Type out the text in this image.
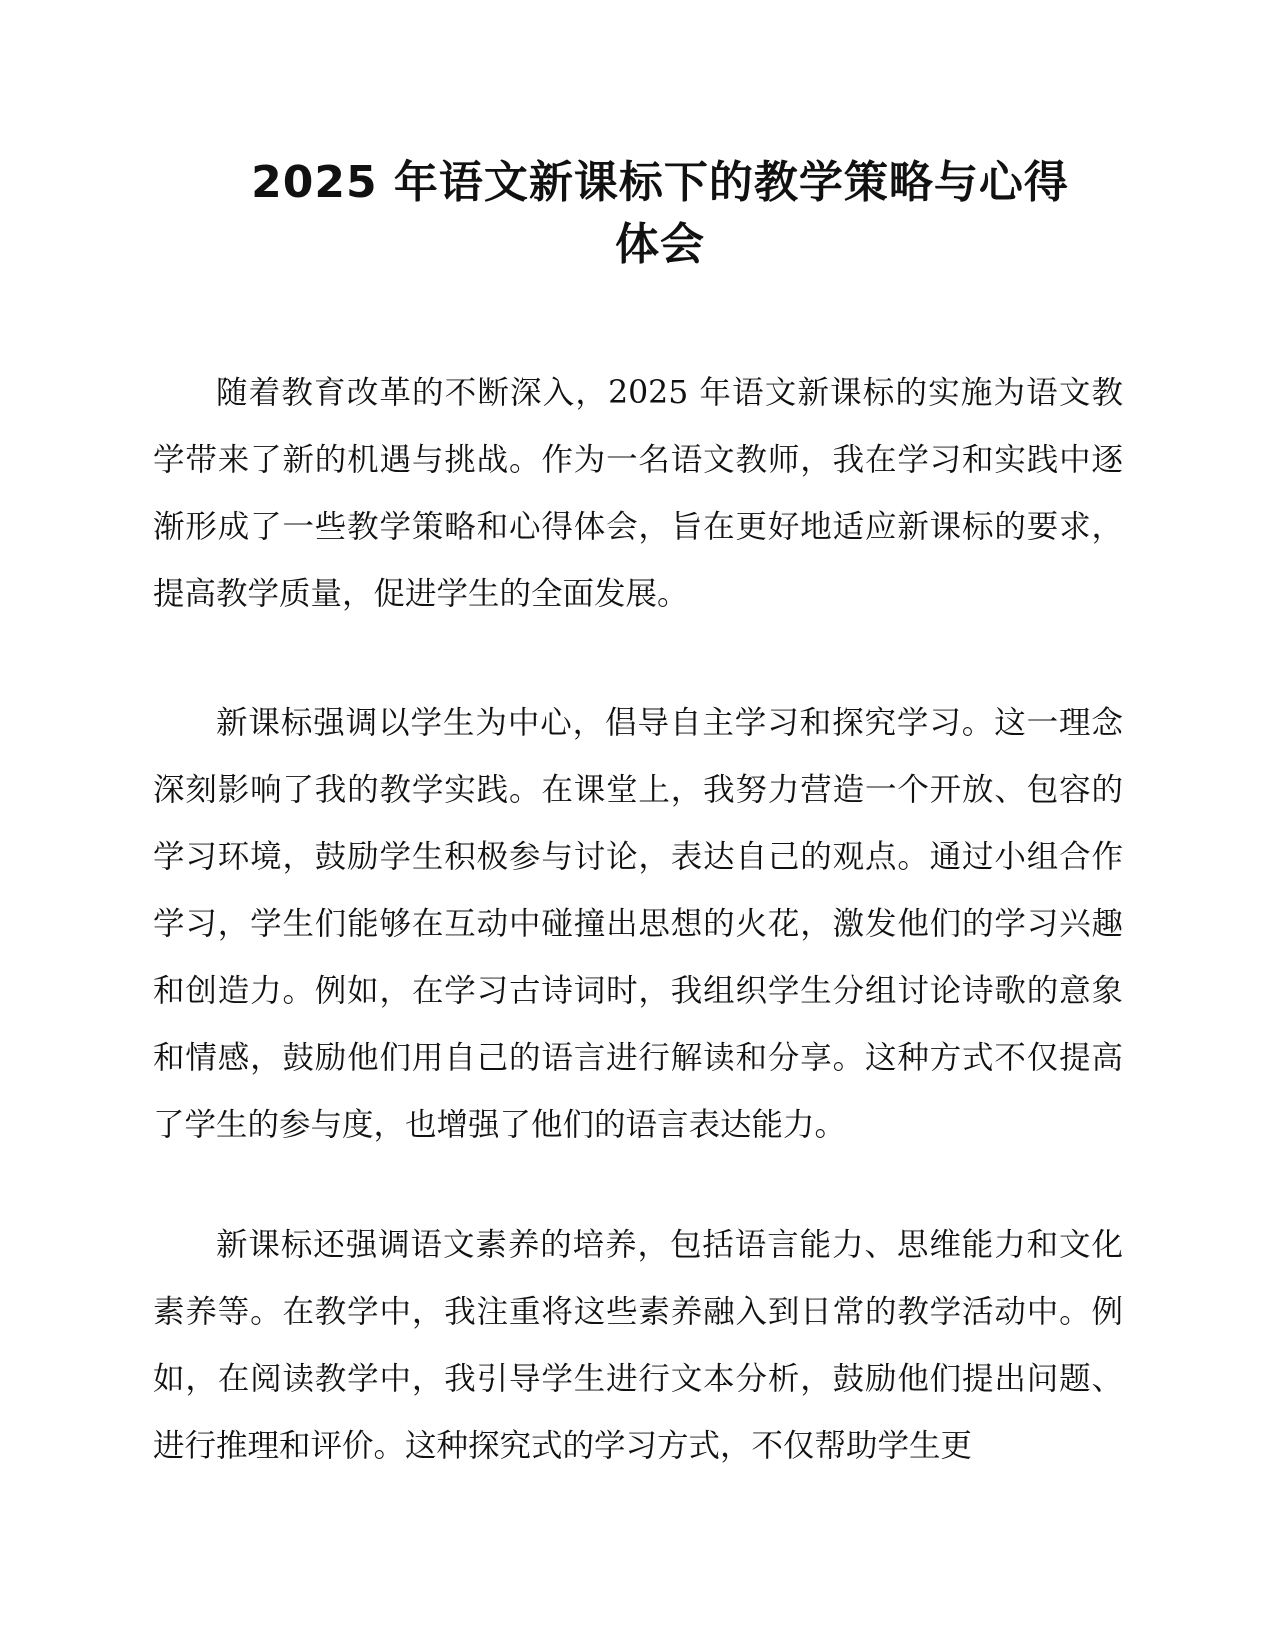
2025 年语文新课标下的教学策略与心得
体会

随着教育改革的不断深入，2025 年语文新课标的实施为语文教学带来了新的机遇与挑战。作为一名语文教师，我在学习和实践中逐渐形成了一些教学策略和心得体会，旨在更好地适应新课标的要求，提高教学质量，促进学生的全面发展。

新课标强调以学生为中心，倡导自主学习和探究学习。这一理念深刻影响了我的教学实践。在课堂上，我努力营造一个开放、包容的学习环境，鼓励学生积极参与讨论，表达自己的观点。通过小组合作学习，学生们能够在互动中碰撞出思想的火花，激发他们的学习兴趣和创造力。例如，在学习古诗词时，我组织学生分组讨论诗歌的意象和情感，鼓励他们用自己的语言进行解读和分享。这种方式不仅提高了学生的参与度，也增强了他们的语言表达能力。

新课标还强调语文素养的培养，包括语言能力、思维能力和文化素养等。在教学中，我注重将这些素养融入到日常的教学活动中。例如，在阅读教学中，我引导学生进行文本分析，鼓励他们提出问题、进行推理和评价。这种探究式的学习方式，不仅帮助学生更
